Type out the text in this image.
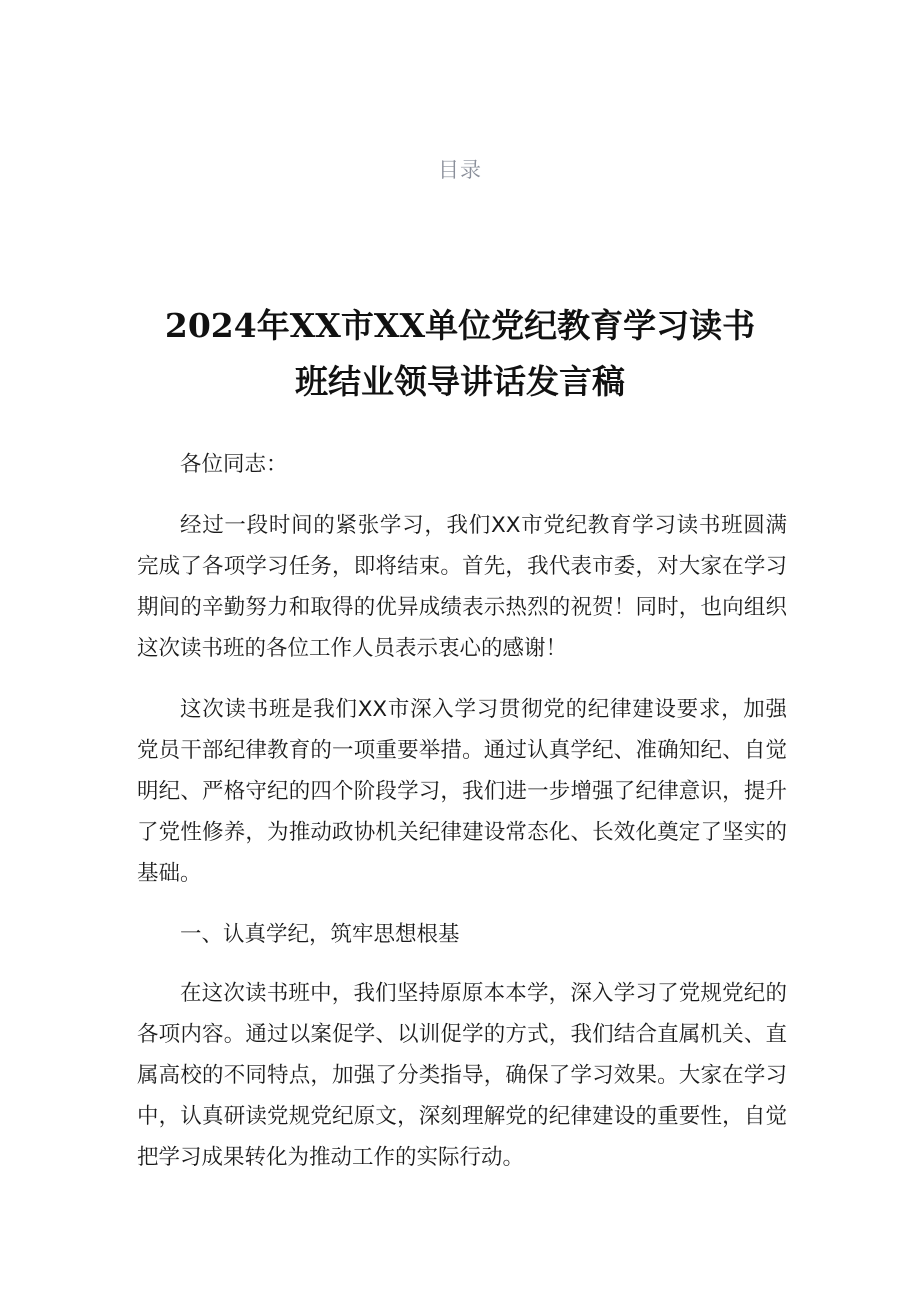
目录
2024年XX市XX单位党纪教育学习读书
班结业领导讲话发言稿

各位同志：

经过一段时间的紧张学习，我们XX市党纪教育学习读书班圆满完成了各项学习任务，即将结束。首先，我代表市委，对大家在学习期间的辛勤努力和取得的优异成绩表示热烈的祝贺！同时，也向组织这次读书班的各位工作人员表示衷心的感谢！

这次读书班是我们XX市深入学习贯彻党的纪律建设要求，加强党员干部纪律教育的一项重要举措。通过认真学纪、准确知纪、自觉明纪、严格守纪的四个阶段学习，我们进一步增强了纪律意识，提升了党性修养，为推动政协机关纪律建设常态化、长效化奠定了坚实的基础。

一、认真学纪，筑牢思想根基

在这次读书班中，我们坚持原原本本学，深入学习了党规党纪的各项内容。通过以案促学、以训促学的方式，我们结合直属机关、直属高校的不同特点，加强了分类指导，确保了学习效果。大家在学习中，认真研读党规党纪原文，深刻理解党的纪律建设的重要性，自觉把学习成果转化为推动工作的实际行动。
